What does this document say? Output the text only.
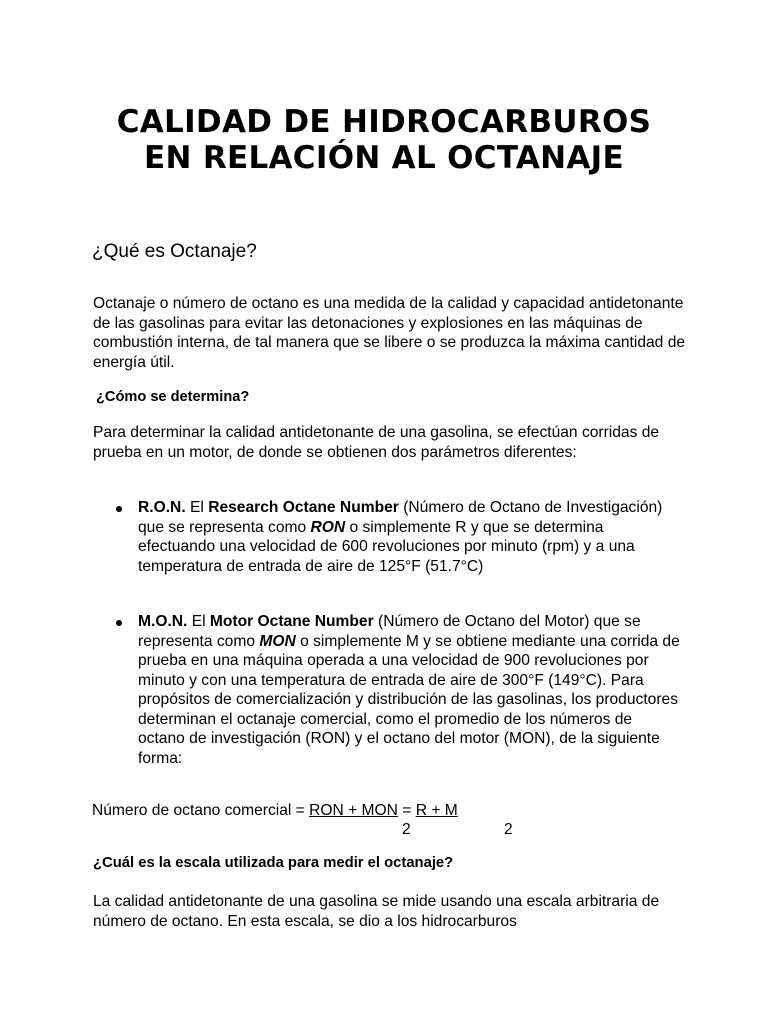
CALIDAD DE HIDROCARBUROS
EN RELACIÓN AL OCTANAJE
¿Qué es Octanaje?

Octanaje o número de octano es una medida de la calidad y capacidad antidetonante de las gasolinas para evitar las detonaciones y explosiones en las máquinas de combustión interna, de tal manera que se libere o se produzca la máxima cantidad de energía útil.

¿Cómo se determina?

Para determinar la calidad antidetonante de una gasolina, se efectúan corridas de prueba en un motor, de donde se obtienen dos parámetros diferentes:

R.O.N. El Research Octane Number (Número de Octano de Investigación) que se representa como RON o simplemente R y que se determina efectuando una velocidad de 600 revoluciones por minuto (rpm) y a una temperatura de entrada de aire de 125°F (51.7°C)
M.O.N. El Motor Octane Number (Número de Octano del Motor) que se representa como MON o simplemente M y se obtiene mediante una corrida de prueba en una máquina operada a una velocidad de 900 revoluciones por minuto y con una temperatura de entrada de aire de 300°F (149°C). Para propósitos de comercialización y distribución de las gasolinas, los productores determinan el octanaje comercial, como el promedio de los números de octano de investigación (RON) y el octano del motor (MON), de la siguiente forma:
Número de octano comercial = RON + MON = R + M
2	2

¿Cuál es la escala utilizada para medir el octanaje?

La calidad antidetonante de una gasolina se mide usando una escala arbitraria de número de octano. En esta escala, se dio a los hidrocarburos
